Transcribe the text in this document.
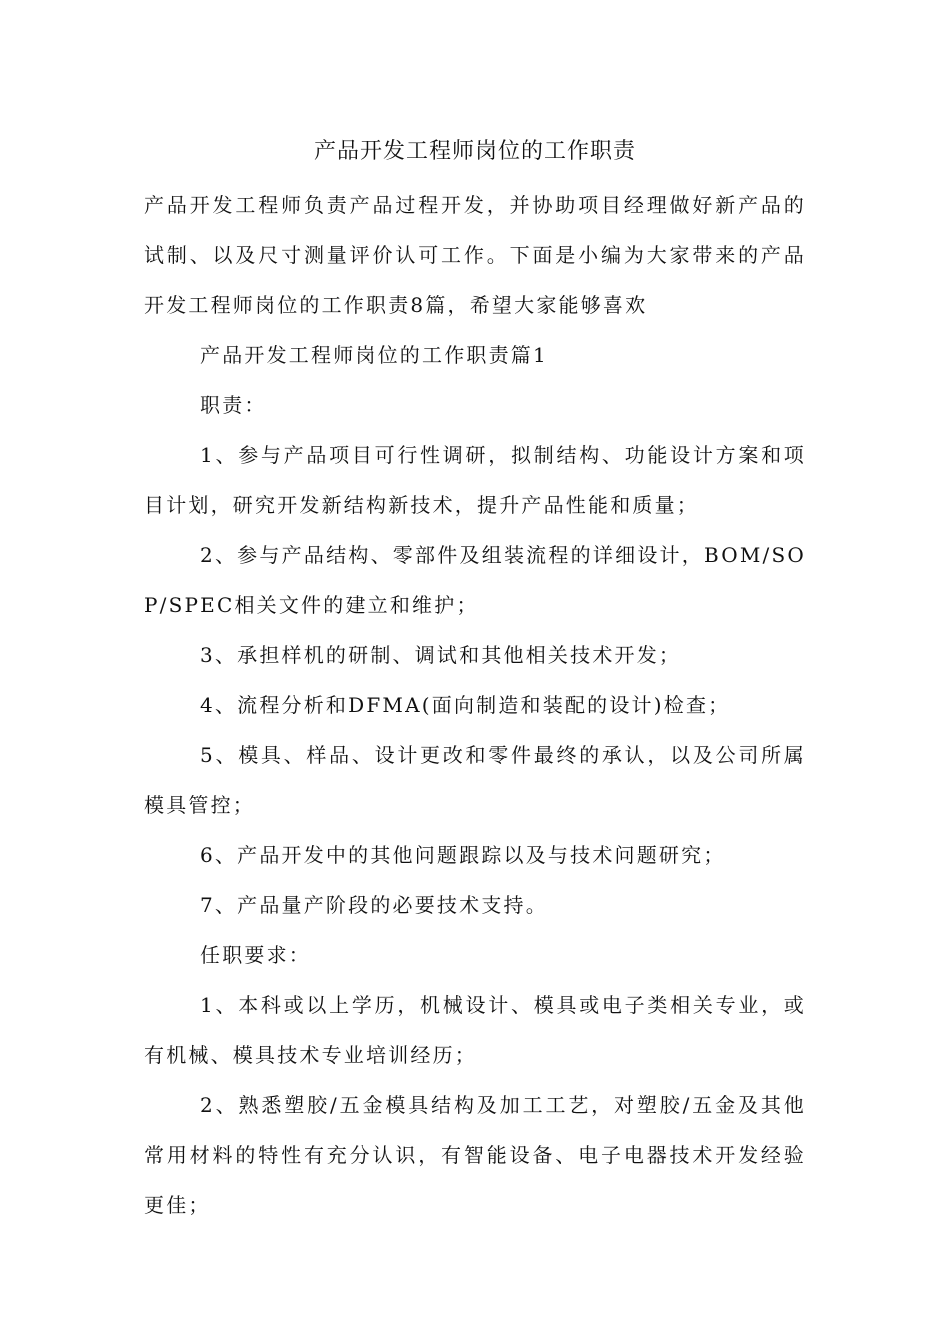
产品开发工程师岗位的工作职责

产品开发工程师负责产品过程开发，并协助项目经理做好新产品的试制、以及尺寸测量评价认可工作。下面是小编为大家带来的产品开发工程师岗位的工作职责8篇，希望大家能够喜欢

产品开发工程师岗位的工作职责篇1

职责：

1、参与产品项目可行性调研，拟制结构、功能设计方案和项目计划，研究开发新结构新技术，提升产品性能和质量；

2、参与产品结构、零部件及组装流程的详细设计，BOM/SOP/SPEC相关文件的建立和维护；

3、承担样机的研制、调试和其他相关技术开发；

4、流程分析和DFMA(面向制造和装配的设计)检查；

5、模具、样品、设计更改和零件最终的承认，以及公司所属模具管控；

6、产品开发中的其他问题跟踪以及与技术问题研究；

7、产品量产阶段的必要技术支持。

任职要求：

1、本科或以上学历，机械设计、模具或电子类相关专业，或有机械、模具技术专业培训经历；

2、熟悉塑胶/五金模具结构及加工工艺，对塑胶/五金及其他常用材料的特性有充分认识，有智能设备、电子电器技术开发经验更佳；
